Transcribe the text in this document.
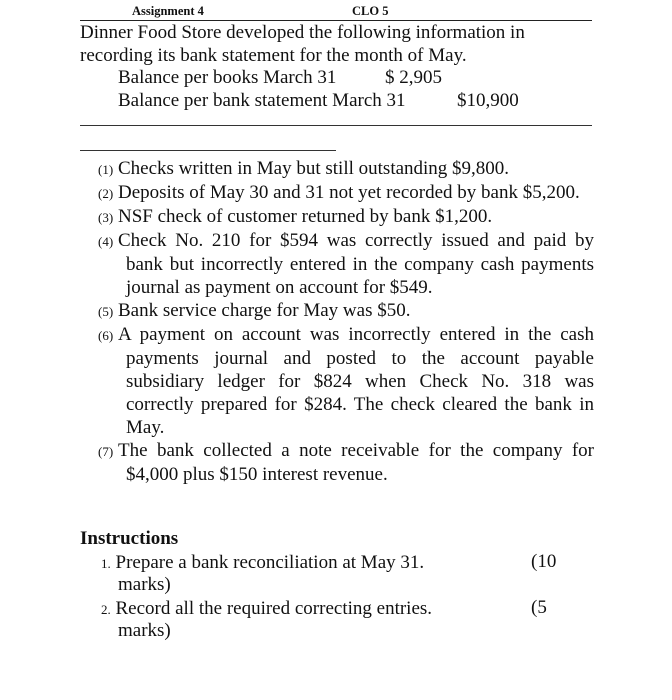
Assignment 4	CLO 5
Dinner Food Store developed the following information in
recording its bank statement for the month of May.
Balance per books March 31	$ 2,905
Balance per bank statement March 31	$10,900

(1) Checks written in May but still outstanding $9,800.

(2) Deposits of May 30 and 31 not yet recorded by bank $5,200.

(3) NSF check of customer returned by bank $1,200.

(4) Check No. 210 for $594 was correctly issued and paid by bank but incorrectly entered in the company cash payments journal as payment on account for $549.

(5) Bank service charge for May was $50.

(6) A payment on account was incorrectly entered in the cash payments journal and posted to the account payable subsidiary ledger for $824 when Check No. 318 was correctly prepared for $284. The check cleared the bank in May.

(7) The bank collected a note receivable for the company for $4,000 plus $150 interest revenue.

Instructions
1. Prepare a bank reconciliation at May 31.	(10
marks)
2. Record all the required correcting entries.	(5
marks)
